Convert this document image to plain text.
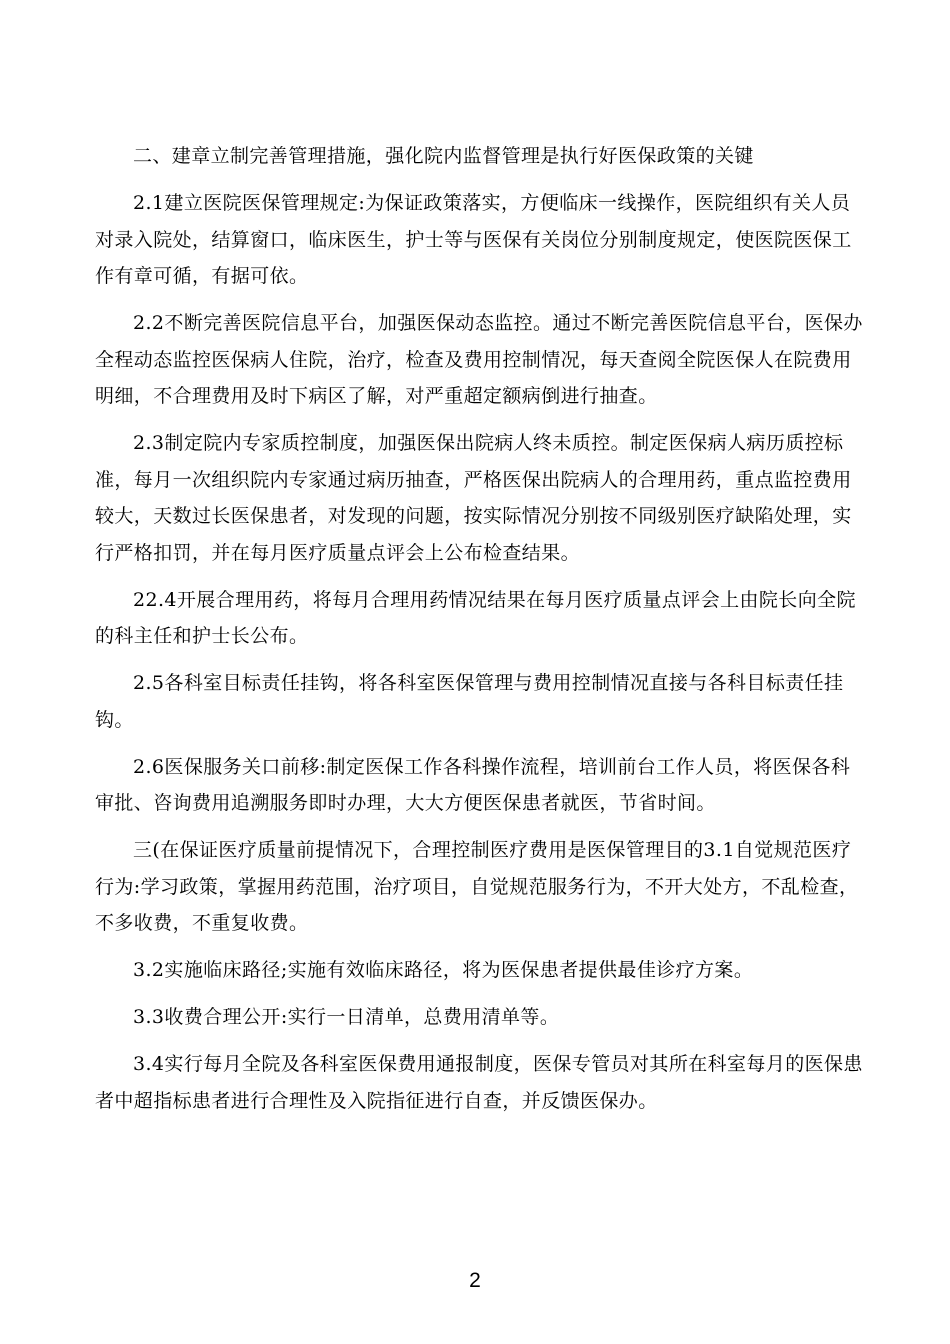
二、建章立制完善管理措施，强化院内监督管理是执行好医保政策的关键

2.1建立医院医保管理规定:为保证政策落实，方便临床一线操作，医院组织有关人员对录入院处，结算窗口，临床医生，护士等与医保有关岗位分别制度规定，使医院医保工作有章可循，有据可依。

2.2不断完善医院信息平台，加强医保动态监控。通过不断完善医院信息平台，医保办全程动态监控医保病人住院，治疗，检查及费用控制情况，每天查阅全院医保人在院费用明细，不合理费用及时下病区了解，对严重超定额病倒进行抽查。

2.3制定院内专家质控制度，加强医保出院病人终未质控。制定医保病人病历质控标准，每月一次组织院内专家通过病历抽查，严格医保出院病人的合理用药，重点监控费用较大，天数过长医保患者，对发现的问题，按实际情况分别按不同级别医疗缺陷处理，实行严格扣罚，并在每月医疗质量点评会上公布检查结果。

22.4开展合理用药，将每月合理用药情况结果在每月医疗质量点评会上由院长向全院的科主任和护士长公布。

2.5各科室目标责任挂钩，将各科室医保管理与费用控制情况直接与各科目标责任挂钩。

2.6医保服务关口前移:制定医保工作各科操作流程，培训前台工作人员，将医保各科审批、咨询费用追溯服务即时办理，大大方便医保患者就医，节省时间。

三(在保证医疗质量前提情况下，合理控制医疗费用是医保管理目的3.1自觉规范医疗行为:学习政策，掌握用药范围，治疗项目，自觉规范服务行为，不开大处方，不乱检查，不多收费，不重复收费。

3.2实施临床路径;实施有效临床路径，将为医保患者提供最佳诊疗方案。

3.3收费合理公开:实行一日清单，总费用清单等。

3.4实行每月全院及各科室医保费用通报制度，医保专管员对其所在科室每月的医保患者中超指标患者进行合理性及入院指征进行自查，并反馈医保办。

2
